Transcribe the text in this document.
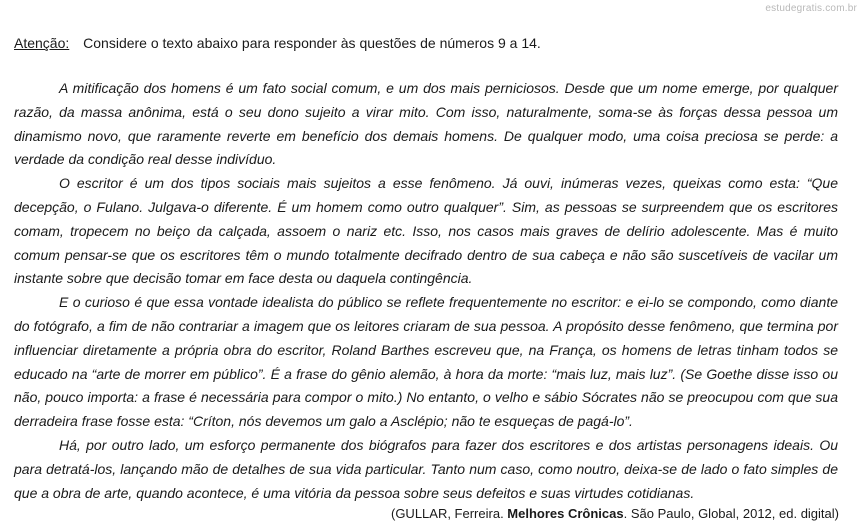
estudegratis.com.br
Atenção: Considere o texto abaixo para responder às questões de números 9 a 14.

A mitificação dos homens é um fato social comum, e um dos mais perniciosos. Desde que um nome emerge, por qualquer razão, da massa anônima, está o seu dono sujeito a virar mito. Com isso, naturalmente, soma-se às forças dessa pessoa um dinamismo novo, que raramente reverte em benefício dos demais homens. De qualquer modo, uma coisa preciosa se perde: a verdade da condição real desse indivíduo.

O escritor é um dos tipos sociais mais sujeitos a esse fenômeno. Já ouvi, inúmeras vezes, queixas como esta: “Que decepção, o Fulano. Julgava-o diferente. É um homem como outro qualquer”. Sim, as pessoas se surpreendem que os escritores comam, tropecem no beiço da calçada, assoem o nariz etc. Isso, nos casos mais graves de delírio adolescente. Mas é muito comum pensar-se que os escritores têm o mundo totalmente decifrado dentro de sua cabeça e não são suscetíveis de vacilar um instante sobre que decisão tomar em face desta ou daquela contingência.

E o curioso é que essa vontade idealista do público se reflete frequentemente no escritor: e ei-lo se compondo, como diante do fotógrafo, a fim de não contrariar a imagem que os leitores criaram de sua pessoa. A propósito desse fenômeno, que termina por influenciar diretamente a própria obra do escritor, Roland Barthes escreveu que, na França, os homens de letras tinham todos se educado na “arte de morrer em público”. É a frase do gênio alemão, à hora da morte: “mais luz, mais luz”. (Se Goethe disse isso ou não, pouco importa: a frase é necessária para compor o mito.) No entanto, o velho e sábio Sócrates não se preocupou com que sua derradeira frase fosse esta: “Críton, nós devemos um galo a Asclépio; não te esqueças de pagá-lo”.

Há, por outro lado, um esforço permanente dos biógrafos para fazer dos escritores e dos artistas personagens ideais. Ou para detratá-los, lançando mão de detalhes de sua vida particular. Tanto num caso, como noutro, deixa-se de lado o fato simples de que a obra de arte, quando acontece, é uma vitória da pessoa sobre seus defeitos e suas virtudes cotidianas.

(GULLAR, Ferreira. Melhores Crônicas. São Paulo, Global, 2012, ed. digital)
